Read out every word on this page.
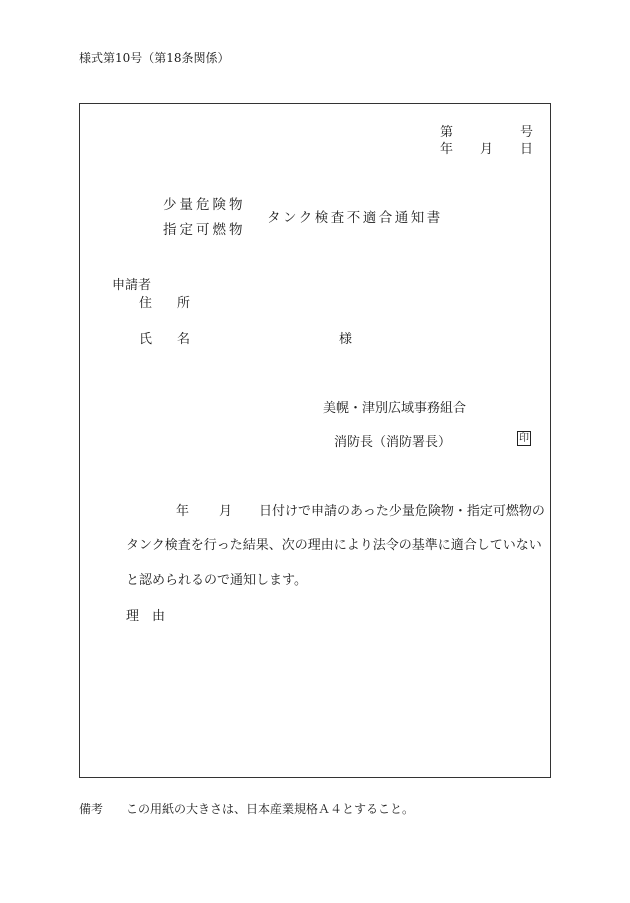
様式第10号（第18条関係）
第	号
年 月 日
少量危険物
指定可燃物
タンク検査不適合通知書
申請者
住 所
氏 名	様
美幌・津別広域事務組合
消防長（消防署長）	印
年 月 日付けで申請のあった少量危険物・指定可燃物の
タンク検査を行った結果、次の理由により法令の基準に適合していない
と認められるので通知します。
理 由
備考 この用紙の大きさは、日本産業規格Ａ４とすること。
